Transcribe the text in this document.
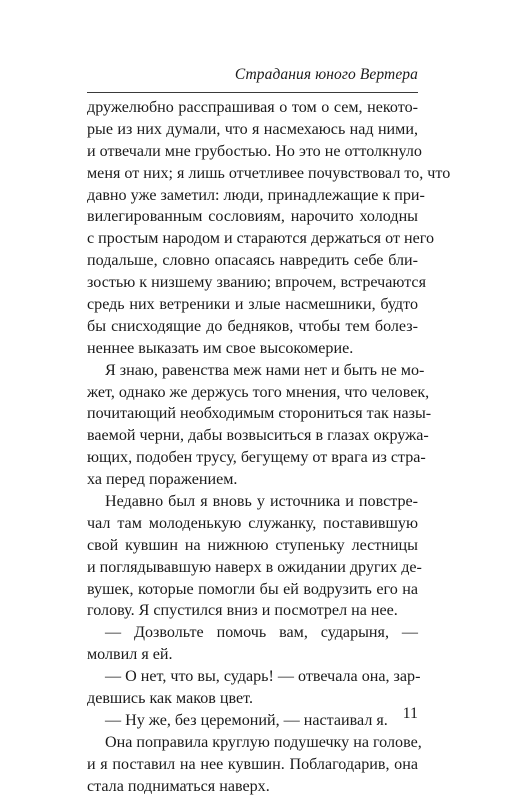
Страдания юного Вертера
дружелюбно расспрашивая о том о сем, некото-
рые из них думали, что я насмехаюсь над ними,
и отвечали мне грубостью. Но это не оттолкнуло
меня от них; я лишь отчетливее почувствовал то, что
давно уже заметил: люди, принадлежащие к при-
вилегированным сословиям, нарочито холодны
с простым народом и стараются держаться от него
подальше, словно опасаясь навредить себе бли-
зостью к низшему званию; впрочем, встречаются
средь них ветреники и злые насмешники, будто
бы снисходящие до бедняков, чтобы тем болез-
неннее выказать им свое высокомерие.
Я знаю, равенства меж нами нет и быть не мо-
жет, однако же держусь того мнения, что человек,
почитающий необходимым сторониться так назы-
ваемой черни, дабы возвыситься в глазах окружа-
ющих, подобен трусу, бегущему от врага из стра-
ха перед поражением.
Недавно был я вновь у источника и повстре-
чал там молоденькую служанку, поставившую
свой кувшин на нижнюю ступеньку лестницы
и поглядывавшую наверх в ожидании других де-
вушек, которые помогли бы ей водрузить его на
голову. Я спустился вниз и посмотрел на нее.
— Дозвольте помочь вам, сударыня, —
молвил я ей.
— О нет, что вы, сударь! — отвечала она, зар-
девшись как маков цвет.
— Ну же, без церемоний, — настаивал я.
Она поправила круглую подушечку на голове,
и я поставил на нее кувшин. Поблагодарив, она
стала подниматься наверх.
11
